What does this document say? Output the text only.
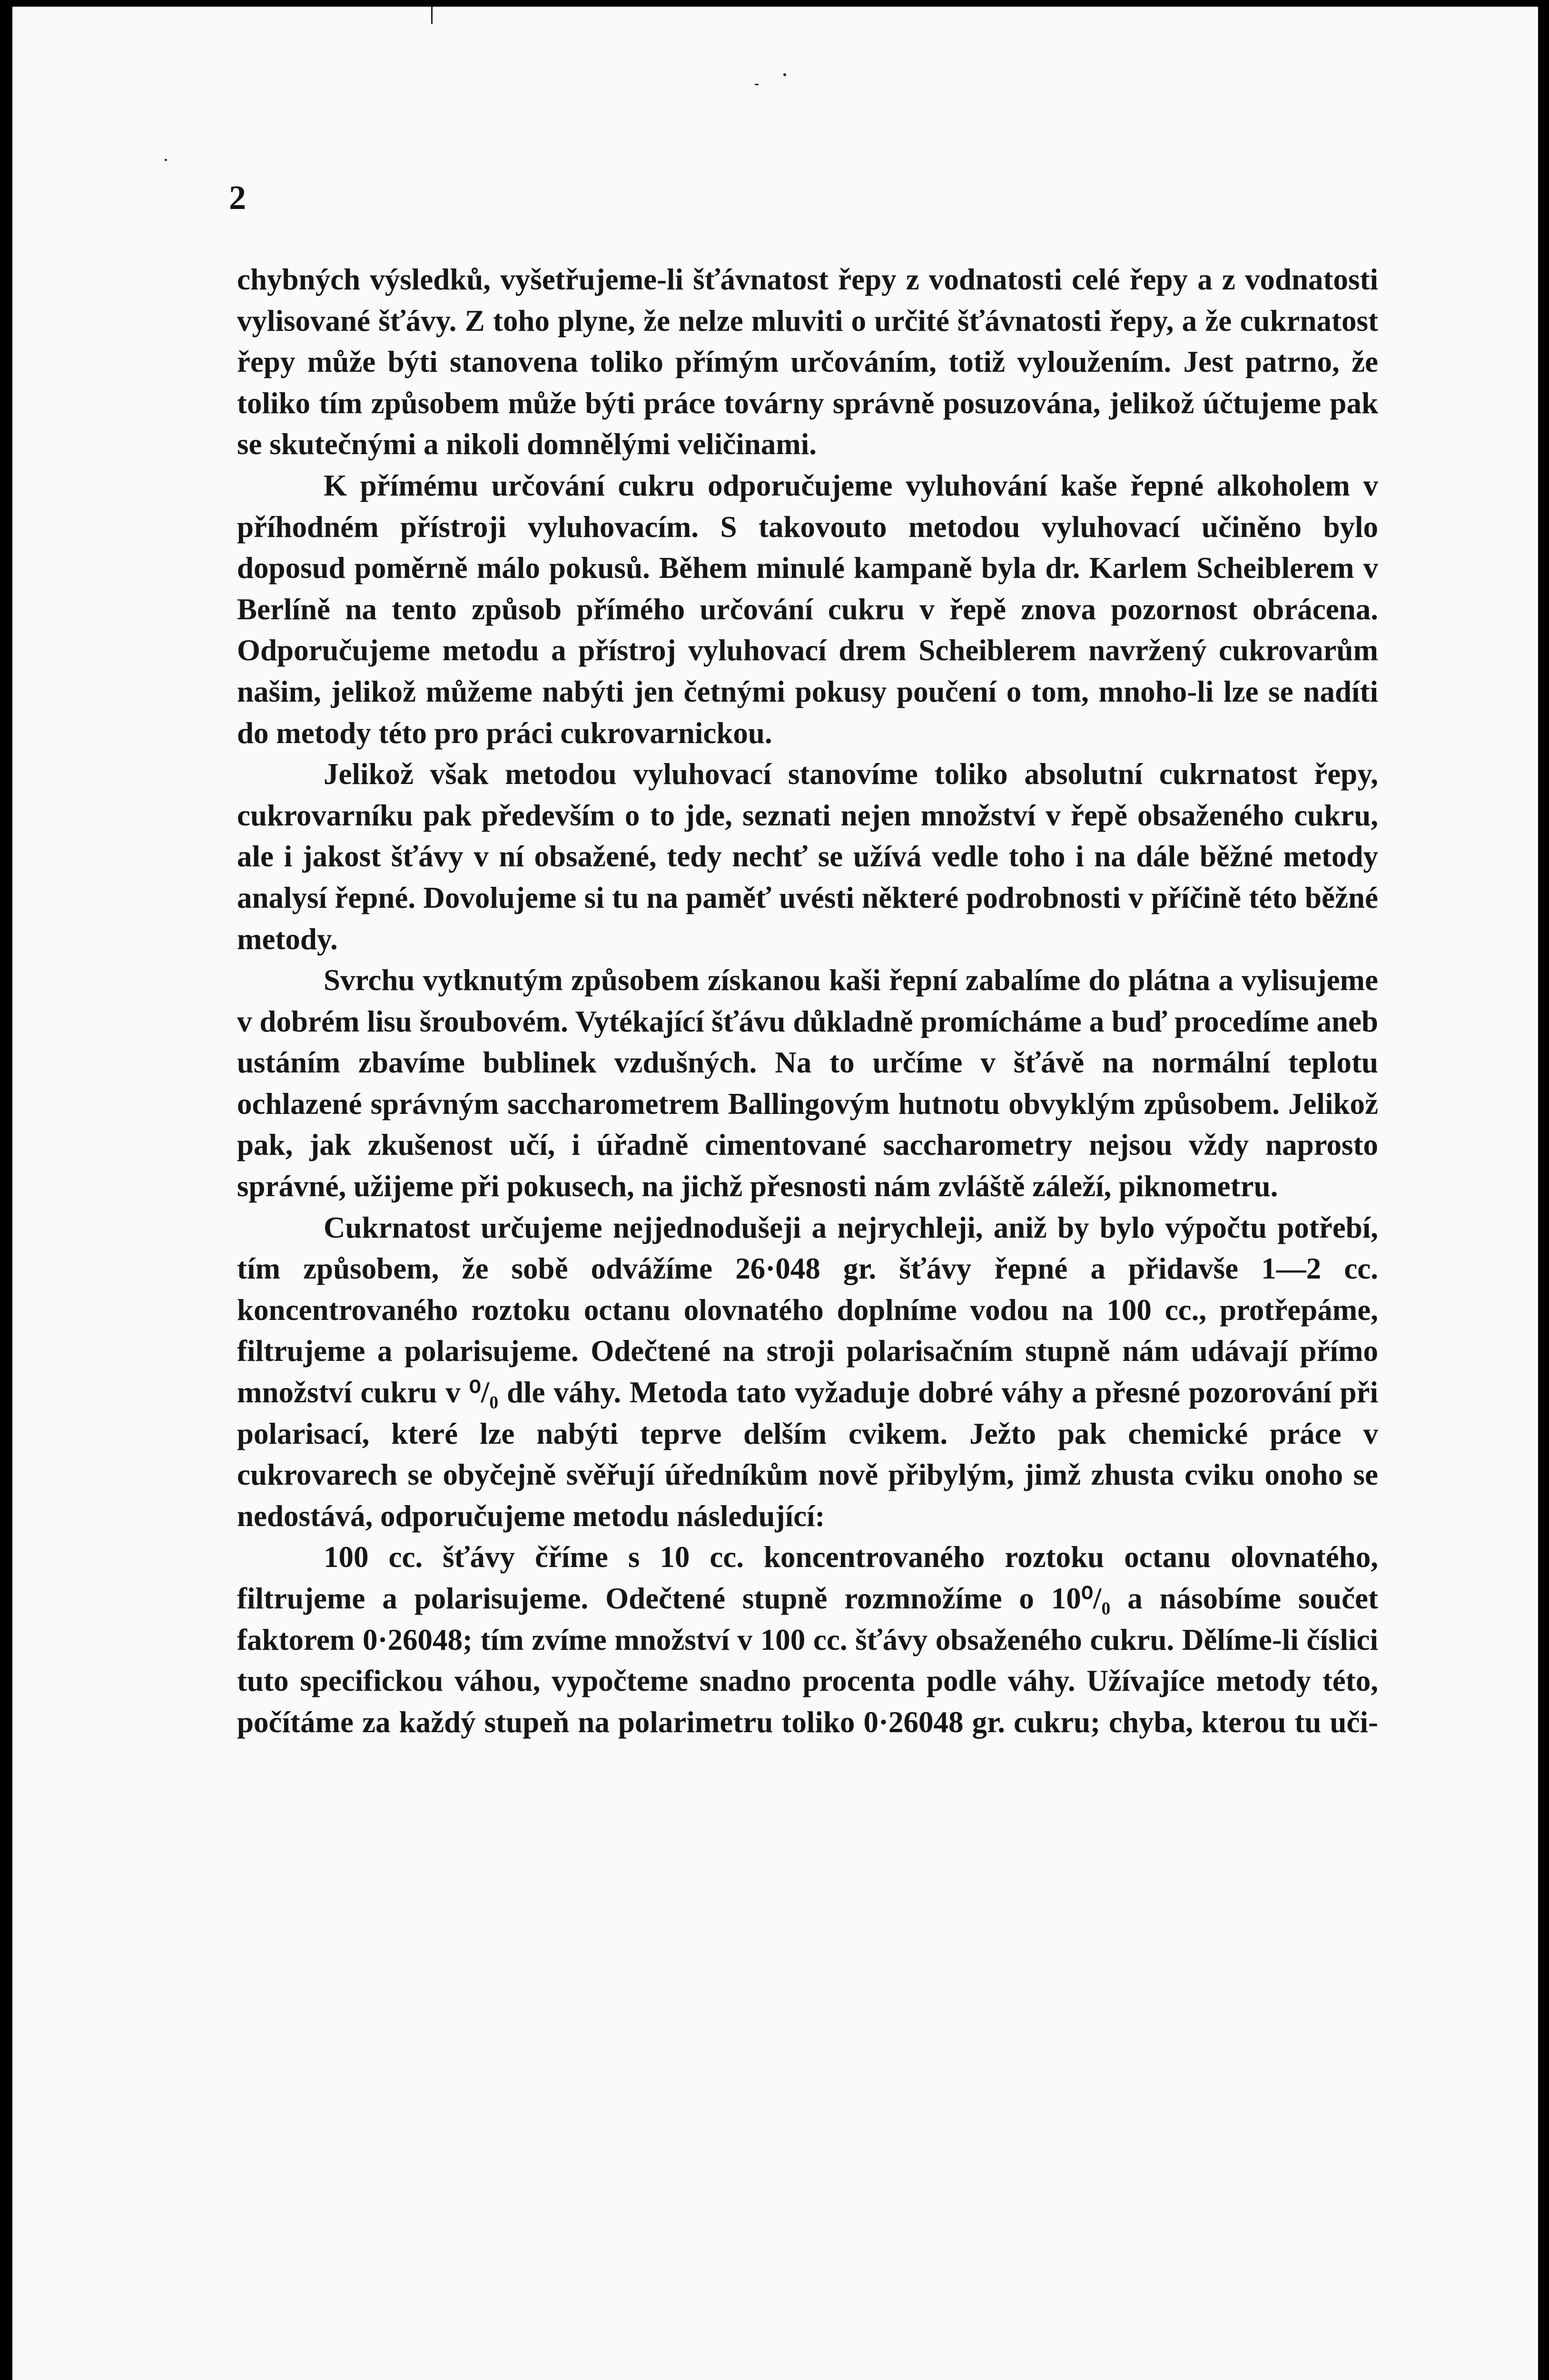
2

chybných výsledků, vyšetřujeme-li šťávnatost řepy z vodnatosti celé řepy a z vodnatosti vylisované šťávy. Z toho plyne, že nelze mluviti o určité šťávnatosti řepy, a že cukrnatost řepy může býti stanovena toliko přímým určováním, totiž vyloužením. Jest patrno, že toliko tím způsobem může býti práce továrny správně posuzována, jelikož účtujeme pak se skutečnými a nikoli domnělými veličinami.

K přímému určování cukru odporučujeme vyluhování kaše řepné alkoholem v příhodném přístroji vyluhovacím. S takovouto metodou vyluhovací učiněno bylo doposud poměrně málo pokusů. Během minulé kampaně byla dr. Karlem Scheiblerem v Berlíně na tento způsob přímého určování cukru v řepě znova pozornost obrácena. Odporučujeme metodu a přístroj vyluhovací drem Scheiblerem navržený cukrovarům našim, jelikož můžeme nabýti jen četnými pokusy poučení o tom, mnoho-li lze se nadíti do metody této pro práci cukrovarnickou.

Jelikož však metodou vyluhovací stanovíme toliko absolutní cukrnatost řepy, cukrovarníku pak především o to jde, seznati nejen množství v řepě obsaženého cukru, ale i jakost šťávy v ní obsažené, tedy nechť se užívá vedle toho i na dále běžné metody analysí řepné. Dovolujeme si tu na paměť uvésti některé podrobnosti v příčině této běžné metody.

Svrchu vytknutým způsobem získanou kaši řepní zabalíme do plátna a vylisujeme v dobrém lisu šroubovém. Vytékající šťávu důkladně promícháme a buď procedíme aneb ustáním zbavíme bublinek vzdušných. Na to určíme v šťávě na normální teplotu ochlazené správným saccharometrem Ballingovým hutnotu obvyklým způsobem. Jelikož pak, jak zkušenost učí, i úřadně cimentované saccharometry nejsou vždy naprosto správné, užijeme při pokusech, na jichž přesnosti nám zvláště záleží, piknometru.

Cukrnatost určujeme nejjednodušeji a nejrychleji, aniž by bylo výpočtu potřebí, tím způsobem, že sobě odvážíme 26·048 gr. šťávy řepné a přidavše 1—2 cc. koncentrovaného roztoku octanu olovnatého doplníme vodou na 100 cc., protřepáme, filtrujeme a polarisujeme. Odečtené na stroji polarisačním stupně nám udávají přímo množství cukru v ⁰/₀ dle váhy. Metoda tato vyžaduje dobré váhy a přesné pozorování při polarisací, které lze nabýti teprve delším cvikem. Ježto pak chemické práce v cukrovarech se obyčejně svěřují úředníkům nově přibylým, jimž zhusta cviku onoho se nedostává, odporučujeme metodu následující:

100 cc. šťávy čříme s 10 cc. koncentrovaného roztoku octanu olovnatého, filtrujeme a polarisujeme. Odečtené stupně rozmnožíme o 10⁰/₀ a násobíme součet faktorem 0·26048; tím zvíme množství v 100 cc. šťávy obsaženého cukru. Dělíme-li číslici tuto specifickou váhou, vypočteme snadno procenta podle váhy. Užívajíce metody této, počítáme za každý stupeň na polarimetru toliko 0·26048 gr. cukru; chyba, kterou tu uči-
